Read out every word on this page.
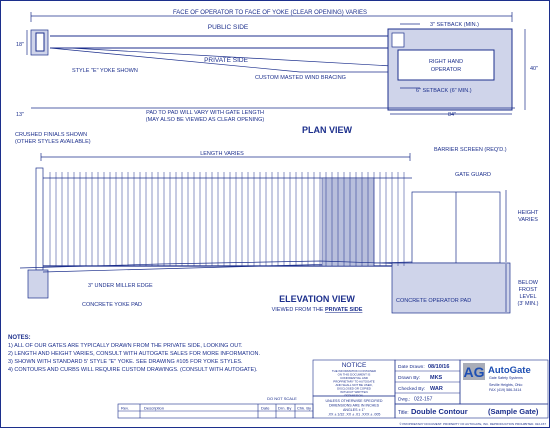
FACE OF OPERATOR TO FACE OF YOKE (CLEAR OPENING) VARIES
PUBLIC SIDE
PRIVATE SIDE
3" SETBACK (MIN.)
18"
40"
STYLE "E" YOKE SHOWN
RIGHT HAND
OPERATOR
CUSTOM MASTED WIND BRACING
6" SETBACK (6" MIN.)
13"	84"
PAD TO PAD WILL VARY WITH GATE LENGTH
(MAY ALSO BE VIEWED AS CLEAR OPENING)
PLAN VIEW
CRUSHED FINIALS SHOWN
(OTHER STYLES AVAILABLE)
LENGTH VARIES
BARRIER SCREEN (REQ'D.)
GATE GUARD
HEIGHT
VARIES
3" UNDER MILLER EDGE
CONCRETE YOKE PAD
ELEVATION VIEW
VIEWED FROM THE PRIVATE SIDE
CONCRETE OPERATOR PAD
BELOW
FROST
LEVEL
(3' MIN.)
NOTES:
1) ALL OF OUR GATES ARE TYPICALLY DRAWN FROM THE PRIVATE SIDE, LOOKING OUT.
2) LENGTH AND HEIGHT VARIES, CONSULT WITH AUTOGATE SALES FOR MORE INFORMATION.
3) SHOWN WITH STANDARD 5' STYLE "E" YOKE. SEE DRAWING #105 FOR YOKE STYLES.
4) CONTOURS AND CURBS WILL REQUIRE CUSTOM DRAWINGS. (CONSULT WITH AUTOGATE).
NOTICE
THE INFORMATION CONTAINED
ON THIS DOCUMENT IS
CONFIDENTIAL AND
PROPRIETARY TO AUTOGATE
AND SHALL NOT BE USED,
DISCLOSED OR COPIED
WITHOUT WRITTEN
PERMISSION.
DO NOT SCALE	UNLESS OTHERWISE SPECIFIED
DIMENSIONS ARE IN INCHES
ANGLES ± 1°
.XX ± 1/32 .XX ± .01 .XXX ± .005
Rev.	Description	Date Drn. By Chk. By
Date Drawn: 08/10/16
Drawn By: MKS
Checked By: WAR
Dwg.: 022-157
Title: Double Contour	(Sample Gate)
AG AutoGate
Gate Safety Systems
Seville Heights, Ohio
FAX (419) 586-3414
© PROPRIETARY DOCUMENT. PROPERTY OF AUTOGATE, INC. REPRODUCTION PROHIBITED. 022-157
